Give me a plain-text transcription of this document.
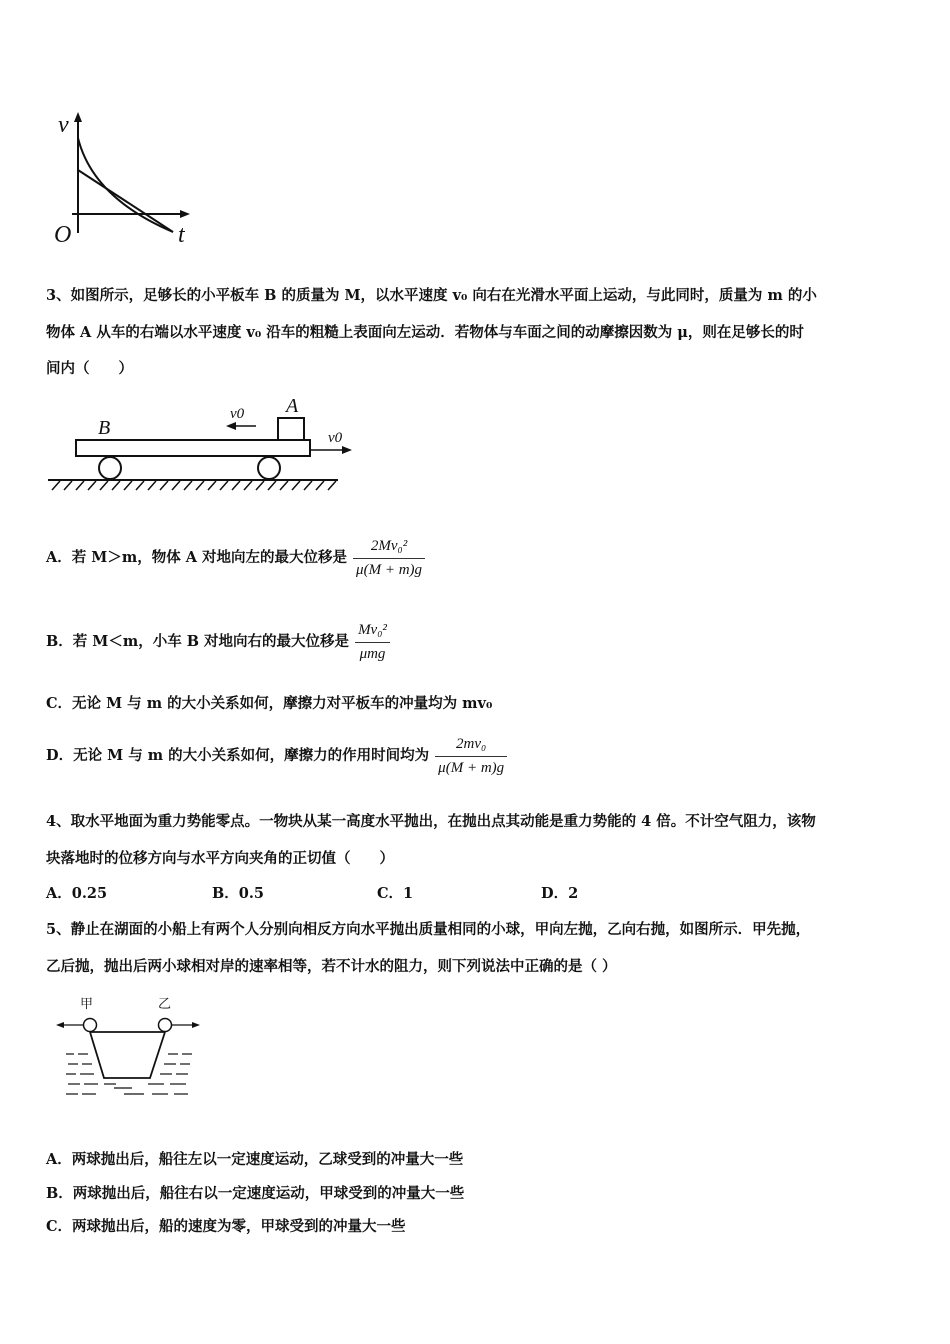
v
O	t
3、如图所示，足够长的小平板车 B 的质量为 M，以水平速度 v₀ 向右在光滑水平面上运动，与此同时，质量为 m 的小
物体 A 从车的右端以水平速度 v₀ 沿车的粗糙上表面向左运动．若物体与车面之间的动摩擦因数为 μ，则在足够长的时
间内（　　）
B
A
v0
v0
A．若 M＞m，物体 A 对地向左的最大位移是 $\frac{\text{2Mv₀²}}{\mu(M + m)g}$
B．若 M＜m，小车 B 对地向右的最大位移是 $\frac{\text{Mv₀²}}{\text{μmg}}$
C．无论 M 与 m 的大小关系如何，摩擦力对平板车的冲量均为 mv₀
D．无论 M 与 m 的大小关系如何，摩擦力的作用时间均为 $\frac{\text{2mv₀}}{\mu(M + m)g}$
4、取水平地面为重力势能零点。一物块从某一高度水平抛出，在抛出点其动能是重力势能的 4 倍。不计空气阻力，该物
块落地时的位移方向与水平方向夹角的正切值（　　）
A．0.25	B．0.5	C．1	D．2
5、静止在湖面的小船上有两个人分别向相反方向水平抛出质量相同的小球，甲向左抛，乙向右抛，如图所示．甲先抛，
乙后抛，抛出后两小球相对岸的速率相等，若不计水的阻力，则下列说法中正确的是（ ）
甲	乙
A．两球抛出后，船往左以一定速度运动，乙球受到的冲量大一些
B．两球抛出后，船往右以一定速度运动，甲球受到的冲量大一些
C．两球抛出后，船的速度为零，甲球受到的冲量大一些
